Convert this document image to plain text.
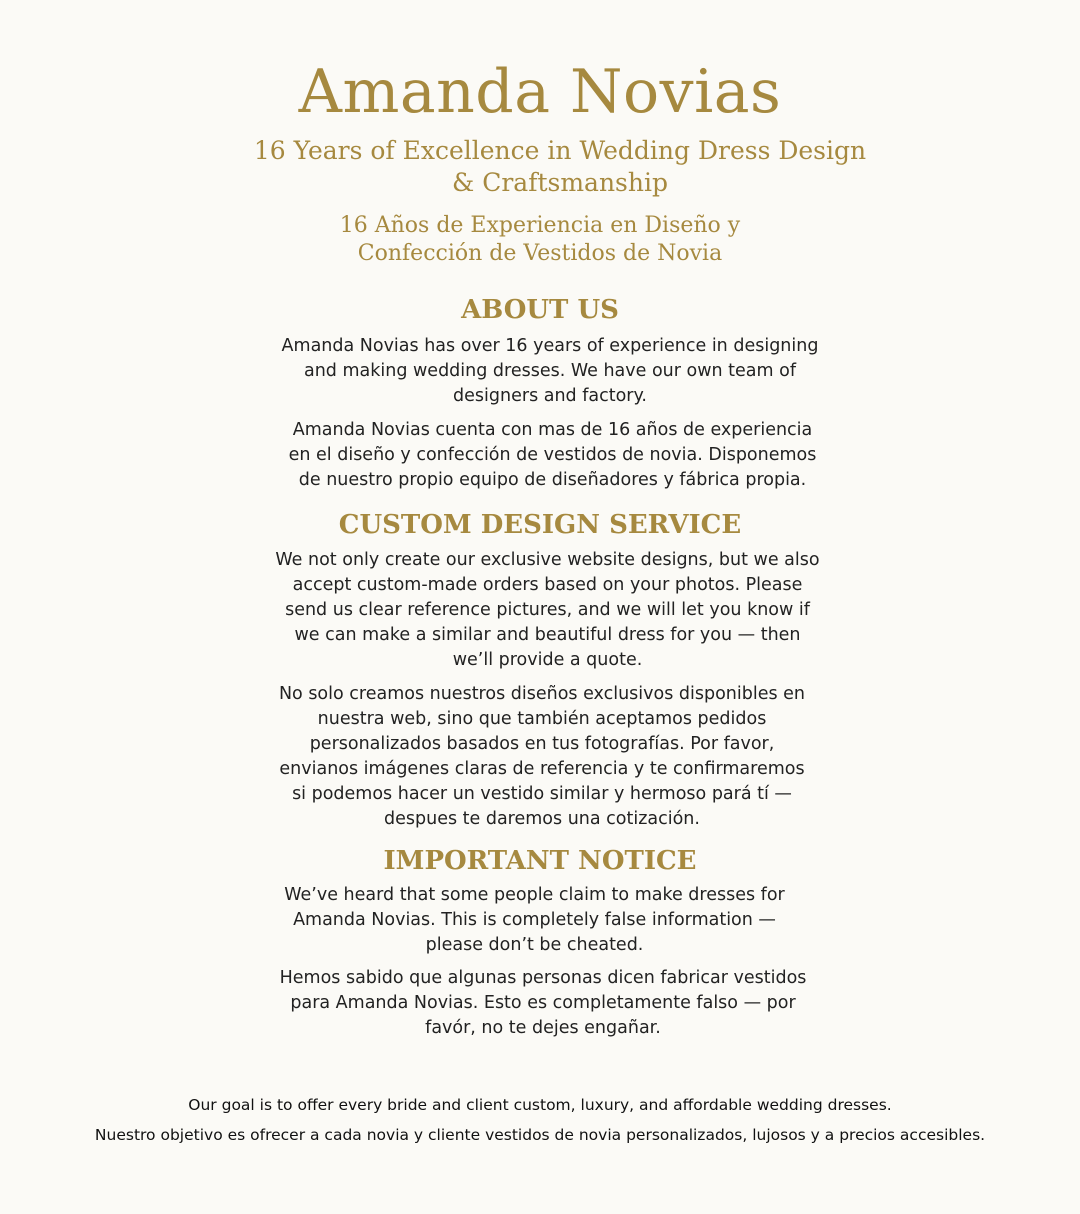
Amanda Novias
16 Years of Excellence in Wedding Dress Design & Craftsmanship
16 Años de Experiencia en Diseño y Confección de Vestidos de Novia
ABOUT US
Amanda Novias has over 16 years of experience in designing and making wedding dresses. We have our own team of designers and factory.
Amanda Novias cuenta con mas de 16 años de experiencia en el diseño y confección de vestidos de novia. Disponemos de nuestro propio equipo de diseñadores y fábrica propia.
CUSTOM DESIGN SERVICE
We not only create our exclusive website designs, but we also accept custom-made orders based on your photos. Please send us clear reference pictures, and we will let you know if we can make a similar and beautiful dress for you — then we’ll provide a quote.
No solo creamos nuestros diseños exclusivos disponibles en nuestra web, sino que también aceptamos pedidos personalizados basados en tus fotografías. Por favor, envianos imágenes claras de referencia y te confirmaremos si podemos hacer un vestido similar y hermoso pará tí — despues te daremos una cotización.
IMPORTANT NOTICE
We’ve heard that some people claim to make dresses for Amanda Novias. This is completely false information — please don’t be cheated.
Hemos sabido que algunas personas dicen fabricar vestidos para Amanda Novias. Esto es completamente falso — por favór, no te dejes engañar.
Our goal is to offer every bride and client custom, luxury, and affordable wedding dresses.
Nuestro objetivo es ofrecer a cada novia y cliente vestidos de novia personalizados, lujosos y a precios accesibles.
